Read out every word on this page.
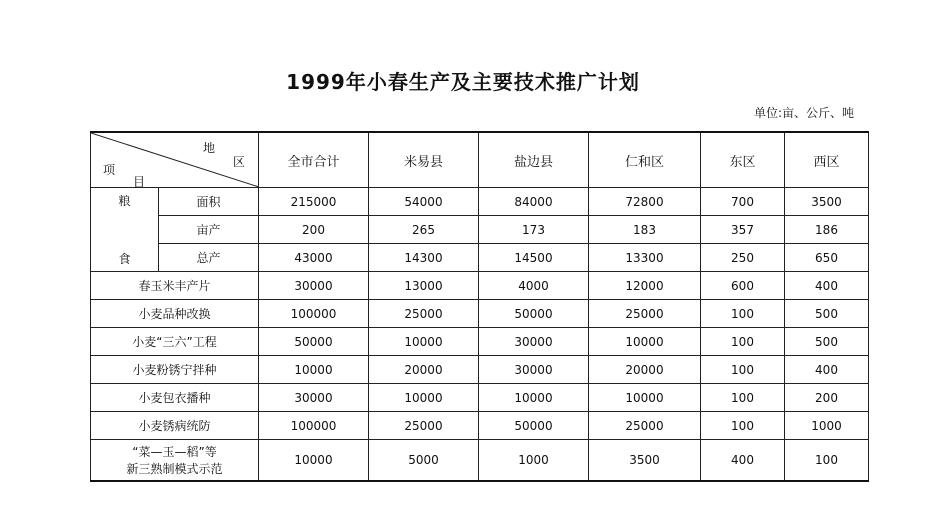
1999年小春生产及主要技术推广计划
单位:亩、公斤、吨
地
区
项
目		全市合计	米易县	盐边县	仁和区	东区	西区

粮
食	面积	215000	54000	84000	72800	700	3500
	亩产	200	265	173	183	357	186
	总产	43000	14300	14500	13300	250	650
春玉米丰产片		30000	13000	4000	12000	600	400
小麦品种改换		100000	25000	50000	25000	100	500
小麦“三六”工程		50000	10000	30000	10000	100	500
小麦粉锈宁拌种		10000	20000	30000	20000	100	400
小麦包衣播种		30000	10000	10000	10000	100	200
小麦锈病统防		100000	25000	50000	25000	100	1000

“菜—玉—稻”等
新三熟制模式示范		10000	5000	1000	3500	400	100
